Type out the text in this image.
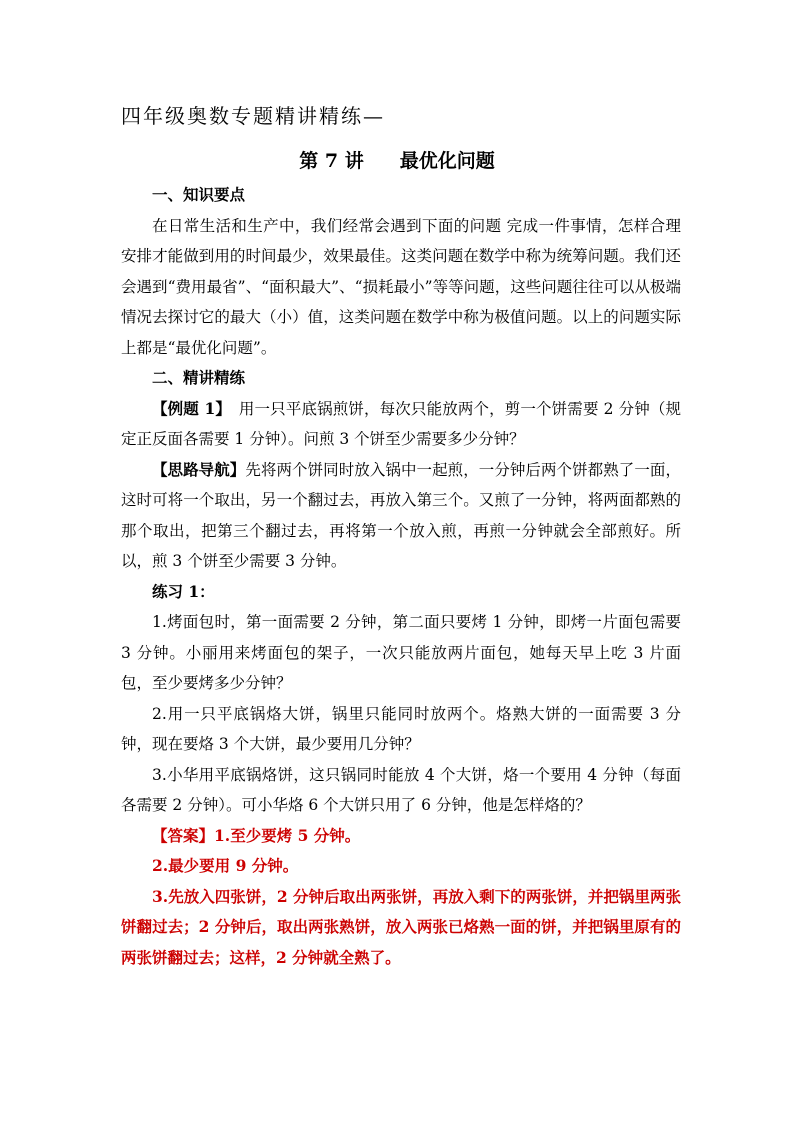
四年级奥数专题精讲精练—
第 7 讲 最优化问题

一、知识要点

在日常生活和生产中，我们经常会遇到下面的问题 完成一件事情，怎样合理安排才能做到用的时间最少，效果最佳。这类问题在数学中称为统筹问题。我们还会遇到“费用最省”、“面积最大”、“损耗最小”等等问题，这些问题往往可以从极端情况去探讨它的最大（小）值，这类问题在数学中称为极值问题。以上的问题实际上都是“最优化问题”。

二、精讲精练

【例题 1】　用一只平底锅煎饼，每次只能放两个，剪一个饼需要 2 分钟（规定正反面各需要 1 分钟）。问煎 3 个饼至少需要多少分钟？

【思路导航】先将两个饼同时放入锅中一起煎，一分钟后两个饼都熟了一面，这时可将一个取出，另一个翻过去，再放入第三个。又煎了一分钟，将两面都熟的那个取出，把第三个翻过去，再将第一个放入煎，再煎一分钟就会全部煎好。所以，煎 3 个饼至少需要 3 分钟。

练习 1：

1.烤面包时，第一面需要 2 分钟，第二面只要烤 1 分钟，即烤一片面包需要 3 分钟。小丽用来烤面包的架子，一次只能放两片面包，她每天早上吃 3 片面包，至少要烤多少分钟？

2.用一只平底锅烙大饼，锅里只能同时放两个。烙熟大饼的一面需要 3 分钟，现在要烙 3 个大饼，最少要用几分钟？

3.小华用平底锅烙饼，这只锅同时能放 4 个大饼，烙一个要用 4 分钟（每面各需要 2 分钟）。可小华烙 6 个大饼只用了 6 分钟，他是怎样烙的？

【答案】1.至少要烤 5 分钟。

2.最少要用 9 分钟。

3.先放入四张饼，2 分钟后取出两张饼，再放入剩下的两张饼，并把锅里两张饼翻过去；2 分钟后，取出两张熟饼，放入两张已烙熟一面的饼，并把锅里原有的两张饼翻过去；这样，2 分钟就全熟了。
